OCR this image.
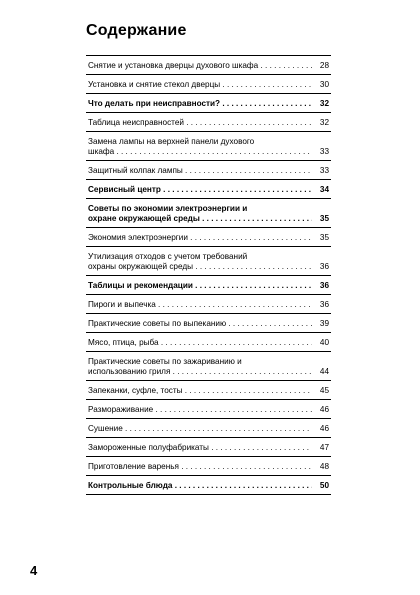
Содержание
Снятие и установка дверцы духового шкафа . . .	28
Установка и снятие стекол дверцы . . .	30
Что делать при неисправности? . . .	32
Таблица неисправностей . . .	32
Замена лампы на верхней панели духового
шкафа . . .	33
Защитный колпак лампы . . .	33
Сервисный центр . . .	34
Советы по экономии электроэнергии и
охране окружающей среды . . .	35
Экономия электроэнергии . . .	35
Утилизация отходов с учетом требований
охраны окружающей среды . . .	36
Таблицы и рекомендации . . .	36
Пироги и выпечка . . .	36
Практические советы по выпеканию . . .	39
Мясо, птица, рыба . . .	40
Практические советы по зажариванию и
использованию гриля . . .	44
Запеканки, суфле, тосты . . .	45
Размораживание . . .	46
Сушение . . .	46
Замороженные полуфабрикаты . . .	47
Приготовление варенья . . .	48
Контрольные блюда . . .	50
4
